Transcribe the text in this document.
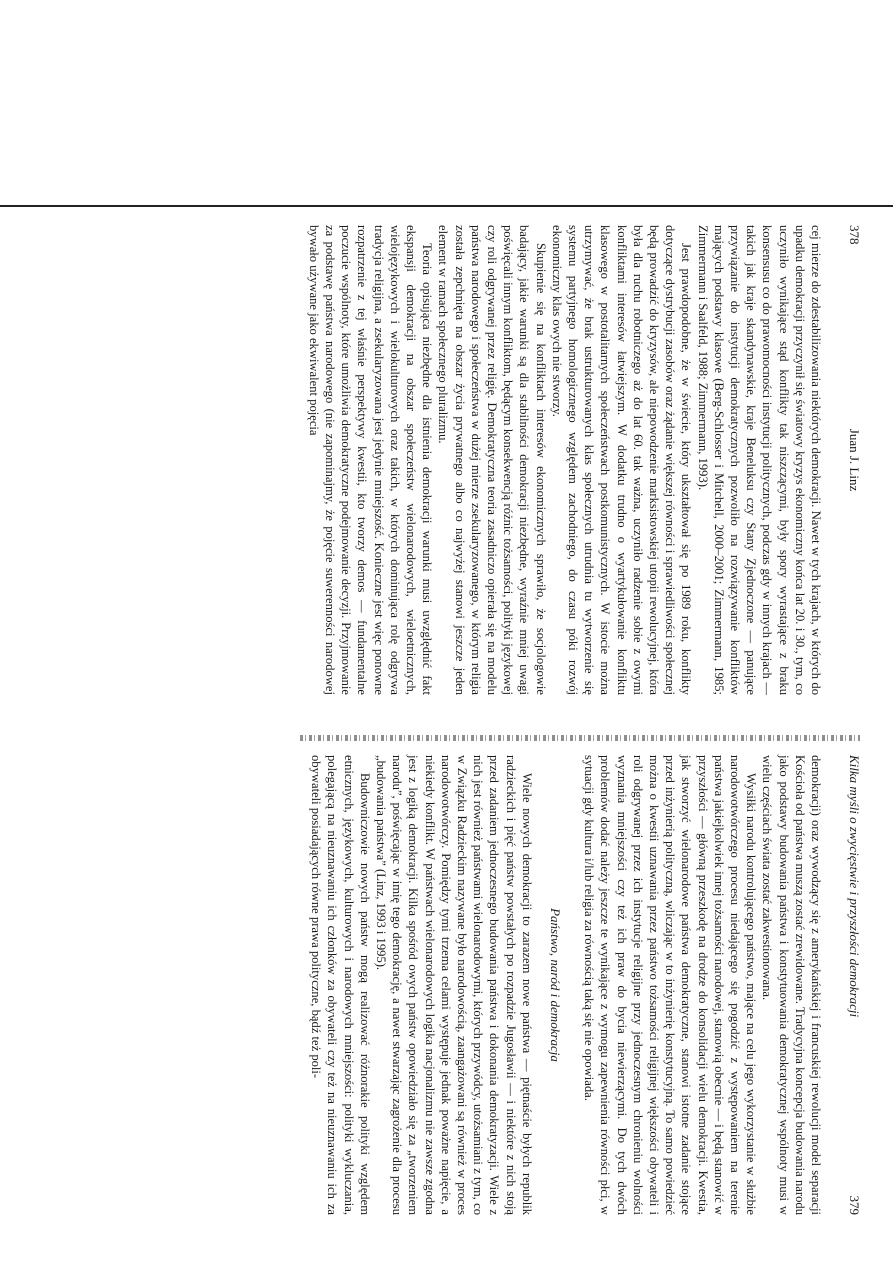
378
Juan J. Linz

cej mierze do zdestabilizowania niektórych demokracji. Nawet w tych krajach, w których do upadku demokracji przyczynił się światowy kryzys ekonomiczny końca lat 20. i 30., tym, co uczyniło wynikające stąd konflikty tak niszczącymi, były spory wyrastające z braku konsensusu co do prawomocności instytucji politycznych, podczas gdy w innych krajach — takich jak kraje skandynawskie, kraje Beneluksu czy Stany Zjednoczone — panujące przywiązanie do instytucji demokratycznych pozwoliło na rozwiązywanie konfliktów mających podstawy klasowe (Berg-Schlosser i Mitchell, 2000–2001; Zimmermann, 1985; Zimmermann i Saalfeld, 1988; Zimmermann, 1993).

Jest prawdopodobne, że w świecie, który ukształtował się po 1989 roku, konflikty dotyczące dystrybucji zasobów oraz żądanie większej równości i sprawiedliwości społecznej będą prowadzić do kryzysów, ale niepowodzenie marksistowskiej utopii rewolucyjnej, która była dla ruchu robotniczego aż do lat 60. tak ważna, uczyniło radzenie sobie z owymi konfliktami interesów łatwiejszym. W dodatku trudno o wyartykułowanie konfliktu klasowego w postotalitarnych społeczeństwach postkomunistycznych. W istocie można utrzymywać, że brak ustrukturowanych klas społecznych utrudnia tu wytworzenie się systemu partyjnego homologicznego względem zachodniego, do czasu póki rozwój ekonomiczny klas owych nie stworzy.

Skupienie się na konfliktach interesów ekonomicznych sprawiło, że socjologowie badający, jakie warunki są dla stabilności demokracji niezbędne, wyraźnie mniej uwagi poświęcali innym konfliktom, będącym konsekwencją różnic tożsamości, polityki językowej czy roli odgrywanej przez religię. Demokratyczna teoria zasadniczo opierała się na modelu państwa narodowego i społeczeństwa w dużej mierze zsekularyzowanego, w którym religia została zepchnięta na obszar życia prywatnego albo co najwyżej stanowi jeszcze jeden element w ramach społecznego pluralizmu.

Teoria opisująca niezbędne dla istnienia demokracji warunki musi uwzględnić fakt ekspansji demokracji na obszar społeczeństw wielonarodowych, wieloetnicznych, wielojęzykowych i wielokulturowych oraz takich, w których dominująca rolę odgrywa tradycja religijna, a zsekularyzowana jest jedynie mniejszość. Konieczne jest więc ponowne rozpatrzenie z tej właśnie perspektywy kwestii, kto tworzy demos — fundamentalne poczucie wspólnoty, które umożliwia demokratyczne podejmowanie decyzji. Przyjmowanie za podstawę państwa narodowego (nie zapominajmy, że pojęcie suwerenności narodowej bywało używane jako ekwiwalent pojęcia

Kilka myśli o zwycięstwie i przyszłości demokracji
379

demokracji) oraz wywodzący się z amerykańskiej i francuskiej rewolucji model separacji Kościoła od państwa muszą zostać zrewidowane. Tradycyjna koncepcja budowania narodu jako podstawy budowania państwa i konstytuowania demokratycznej wspólnoty musi w wielu częściach świata zostać zakwestionowana.

Wysiłki narodu kontrolującego państwo, mające na celu jego wykorzystanie w służbie narodowotwórczego procesu niedającego się pogodzić z występowaniem na terenie państwa jakiejkolwiek innej tożsamości narodowej, stanowią obecnie — i będą stanowić w przyszłości — główną przeszkodę na drodze do konsolidacji wielu demokracji. Kwestia, jak stworzyć wielonarodowe państwa demokratyczne, stanowi istotne zadanie stojące przed inżynierią polityczną, wliczając w to inżynierię konstytucyjną. To samo powiedzieć można o kwestii uznawania przez państwo tożsamości religijnej większości obywateli i roli odgrywanej przez ich instytucje religijne przy jednoczesnym chronieniu wolności wyznania mniejszości czy też ich praw do bycia niewierzącymi. Do tych dwóch problemów dodać należy jeszcze te wynikające z wymogu zapewnienia równości płci, w sytuacji gdy kultura i/lub religia za równością taką się nie opowiada.

Państwo, naród i demokracja

Wiele nowych demokracji to zarazem nowe państwa — piętnaście byłych republik radzieckich i pięć państw powstałych po rozpadzie Jugosławii — i niektóre z nich stoją przed zadaniem jednoczesnego budowania państwa i dokonania demokratyzacji. Wiele z nich jest również państwami wielonarodowymi, których przywódcy, utożsamiani z tym, co w Związku Radzieckim nazywane było narodowością, zaangażowani są również w proces narodowotwórczy. Pomiędzy tymi trzema celami występuje jednak poważne napięcie, a niekiedy konflikt. W państwach wielonarodowych logika nacjonalizmu nie zawsze zgodna jest z logiką demokracji. Kilka spośród owych państw opowiedziało się za „tworzeniem narodu”, poświęcając w imię tego demokrację, a nawet stwarzając zagrożenie dla procesu „budowania państwa” (Linz, 1993 i 1995).

Budowniczowie nowych państw mogą realizować różnorakie polityki względem etnicznych, językowych, kulturowych i narodowych mniejszości: polityki wykluczania, polegającą na nieuznawaniu ich członków za obywateli czy też na nieuznawaniu ich za obywateli posiadających równe prawa polityczne, bądź też poli-
